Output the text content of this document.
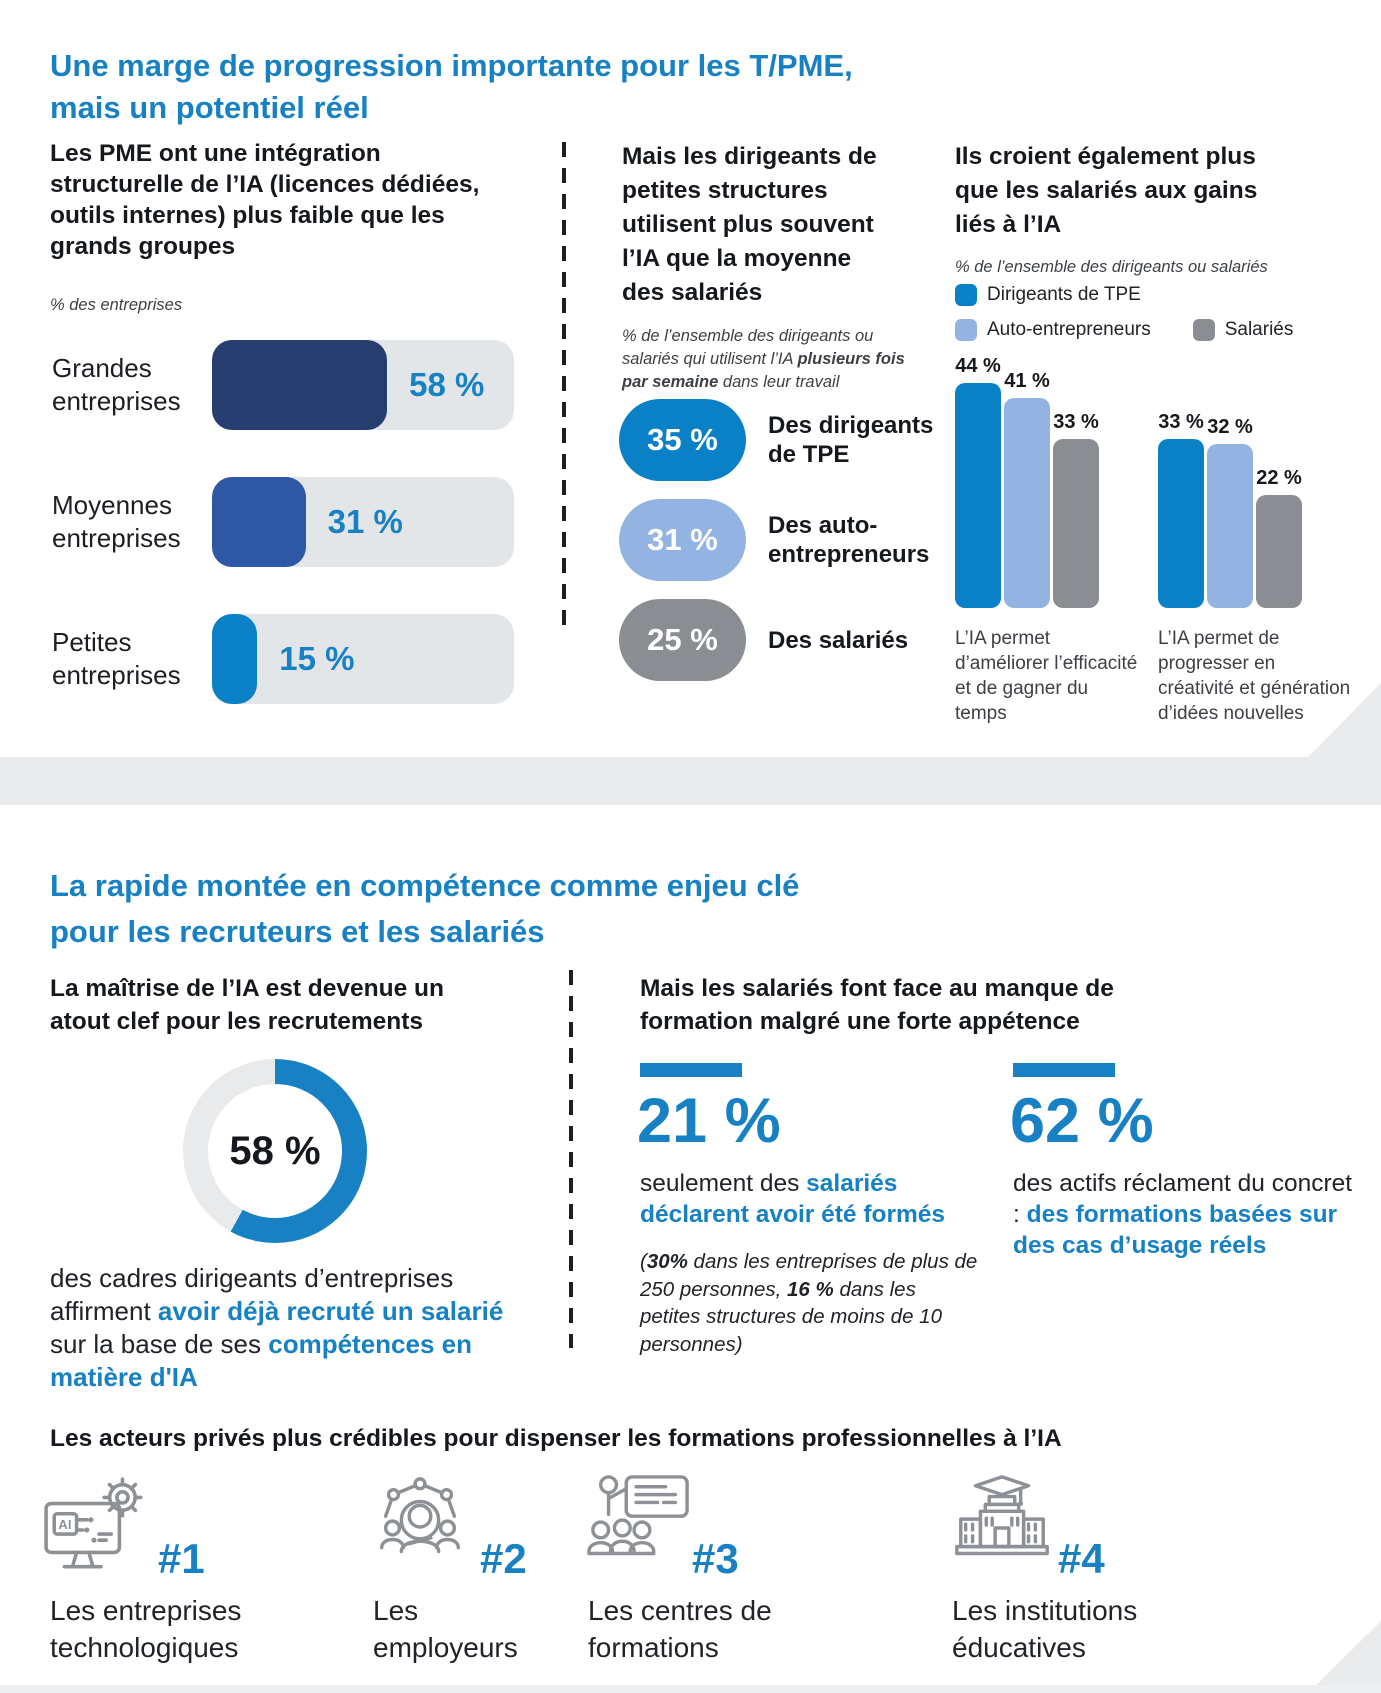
Une marge de progression importante pour les T/PME,
mais un potentiel réel
Les PME ont une intégration structurelle de l’IA (licences dédiées, outils internes) plus faible que les grands groupes
% des entreprises
Grandes entreprises	58 %
Moyennes entreprises	31 %
Petites entreprises	15 %
Mais les dirigeants de petites structures utilisent plus souvent l’IA que la moyenne des salariés
% de l’ensemble des dirigeants ou salariés qui utilisent l’IA plusieurs fois par semaine dans leur travail
35 %	Des dirigeants de TPE
31 %	Des auto-entrepreneurs
25 %	Des salariés
Ils croient également plus que les salariés aux gains liés à l’IA
% de l’ensemble des dirigeants ou salariés
Dirigeants de TPE
Auto-entrepreneurs	Salariés
44 %
41 %
33 %	33 % 32 %
22 %
L’IA permet d’améliorer l’efficacité et de gagner du temps
L’IA permet de progresser en créativité et génération d’idées nouvelles
La rapide montée en compétence comme enjeu clé
pour les recruteurs et les salariés
La maîtrise de l’IA est devenue un atout clef pour les recrutements
58 %
des cadres dirigeants d’entreprises affirment avoir déjà recruté un salarié sur la base de ses compétences en matière d'IA
Mais les salariés font face au manque de formation malgré une forte appétence
21 %
seulement des salariés déclarent avoir été formés
(30% dans les entreprises de plus de 250 personnes, 16 % dans les petites structures de moins de 10 personnes)
62 %
des actifs réclament du concret : des formations basées sur des cas d’usage réels
Les acteurs privés plus crédibles pour dispenser les formations professionnelles à l’IA
AI
#1
Les entreprises
technologiques
#2
Les
employeurs
#3
Les centres de
formations
#4
Les institutions
éducatives
